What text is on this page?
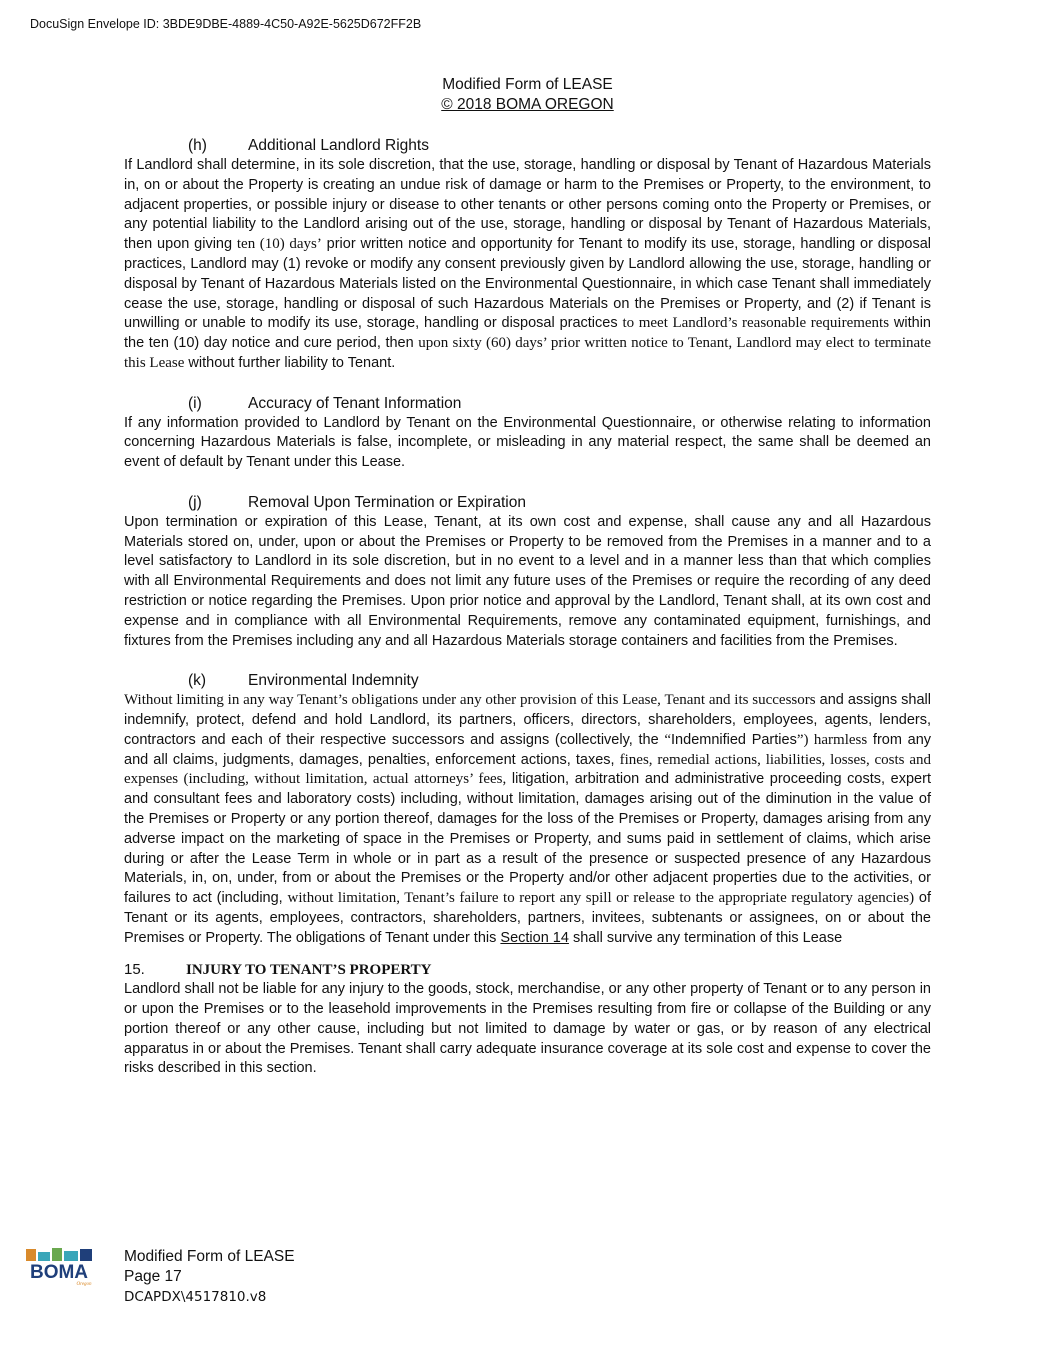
DocuSign Envelope ID: 3BDE9DBE-4889-4C50-A92E-5625D672FF2B
Modified Form of LEASE
© 2018 BOMA OREGON
(h)	Additional Landlord Rights

If Landlord shall determine, in its sole discretion, that the use, storage, handling or disposal by Tenant of Hazardous Materials in, on or about the Property is creating an undue risk of damage or harm to the Premises or Property, to the environment, to adjacent properties, or possible injury or disease to other tenants or other persons coming onto the Property or Premises, or any potential liability to the Landlord arising out of the use, storage, handling or disposal by Tenant of Hazardous Materials, then upon giving ten (10) days’ prior written notice and opportunity for Tenant to modify its use, storage, handling or disposal practices, Landlord may (1) revoke or modify any consent previously given by Landlord allowing the use, storage, handling or disposal by Tenant of Hazardous Materials listed on the Environmental Questionnaire, in which case Tenant shall immediately cease the use, storage, handling or disposal of such Hazardous Materials on the Premises or Property, and (2) if Tenant is unwilling or unable to modify its use, storage, handling or disposal practices to meet Landlord’s reasonable requirements within the ten (10) day notice and cure period, then upon sixty (60) days’ prior written notice to Tenant, Landlord may elect to terminate this Lease without further liability to Tenant.

(i)	Accuracy of Tenant Information

If any information provided to Landlord by Tenant on the Environmental Questionnaire, or otherwise relating to information concerning Hazardous Materials is false, incomplete, or misleading in any material respect, the same shall be deemed an event of default by Tenant under this Lease.

(j)	Removal Upon Termination or Expiration

Upon termination or expiration of this Lease, Tenant, at its own cost and expense, shall cause any and all Hazardous Materials stored on, under, upon or about the Premises or Property to be removed from the Premises in a manner and to a level satisfactory to Landlord in its sole discretion, but in no event to a level and in a manner less than that which complies with all Environmental Requirements and does not limit any future uses of the Premises or require the recording of any deed restriction or notice regarding the Premises. Upon prior notice and approval by the Landlord, Tenant shall, at its own cost and expense and in compliance with all Environmental Requirements, remove any contaminated equipment, furnishings, and fixtures from the Premises including any and all Hazardous Materials storage containers and facilities from the Premises.

(k)	Environmental Indemnity

Without limiting in any way Tenant’s obligations under any other provision of this Lease, Tenant and its successors and assigns shall indemnify, protect, defend and hold Landlord, its partners, officers, directors, shareholders, employees, agents, lenders, contractors and each of their respective successors and assigns (collectively, the “Indemnified Parties”) harmless from any and all claims, judgments, damages, penalties, enforcement actions, taxes, fines, remedial actions, liabilities, losses, costs and expenses (including, without limitation, actual attorneys’ fees, litigation, arbitration and administrative proceeding costs, expert and consultant fees and laboratory costs) including, without limitation, damages arising out of the diminution in the value of the Premises or Property or any portion thereof, damages for the loss of the Premises or Property, damages arising from any adverse impact on the marketing of space in the Premises or Property, and sums paid in settlement of claims, which arise during or after the Lease Term in whole or in part as a result of the presence or suspected presence of any Hazardous Materials, in, on, under, from or about the Premises or the Property and/or other adjacent properties due to the activities, or failures to act (including, without limitation, Tenant’s failure to report any spill or release to the appropriate regulatory agencies) of Tenant or its agents, employees, contractors, shareholders, partners, invitees, subtenants or assignees, on or about the Premises or Property. The obligations of Tenant under this Section 14 shall survive any termination of this Lease

15.	INJURY TO TENANT’S PROPERTY

Landlord shall not be liable for any injury to the goods, stock, merchandise, or any other property of Tenant or to any person in or upon the Premises or to the leasehold improvements in the Premises resulting from fire or collapse of the Building or any portion thereof or any other cause, including but not limited to damage by water or gas, or by reason of any electrical apparatus in or about the Premises. Tenant shall carry adequate insurance coverage at its sole cost and expense to cover the risks described in this section.

BOMA
Oregon
Modified Form of LEASE
Page 17
DCAPDX\4517810.v8
